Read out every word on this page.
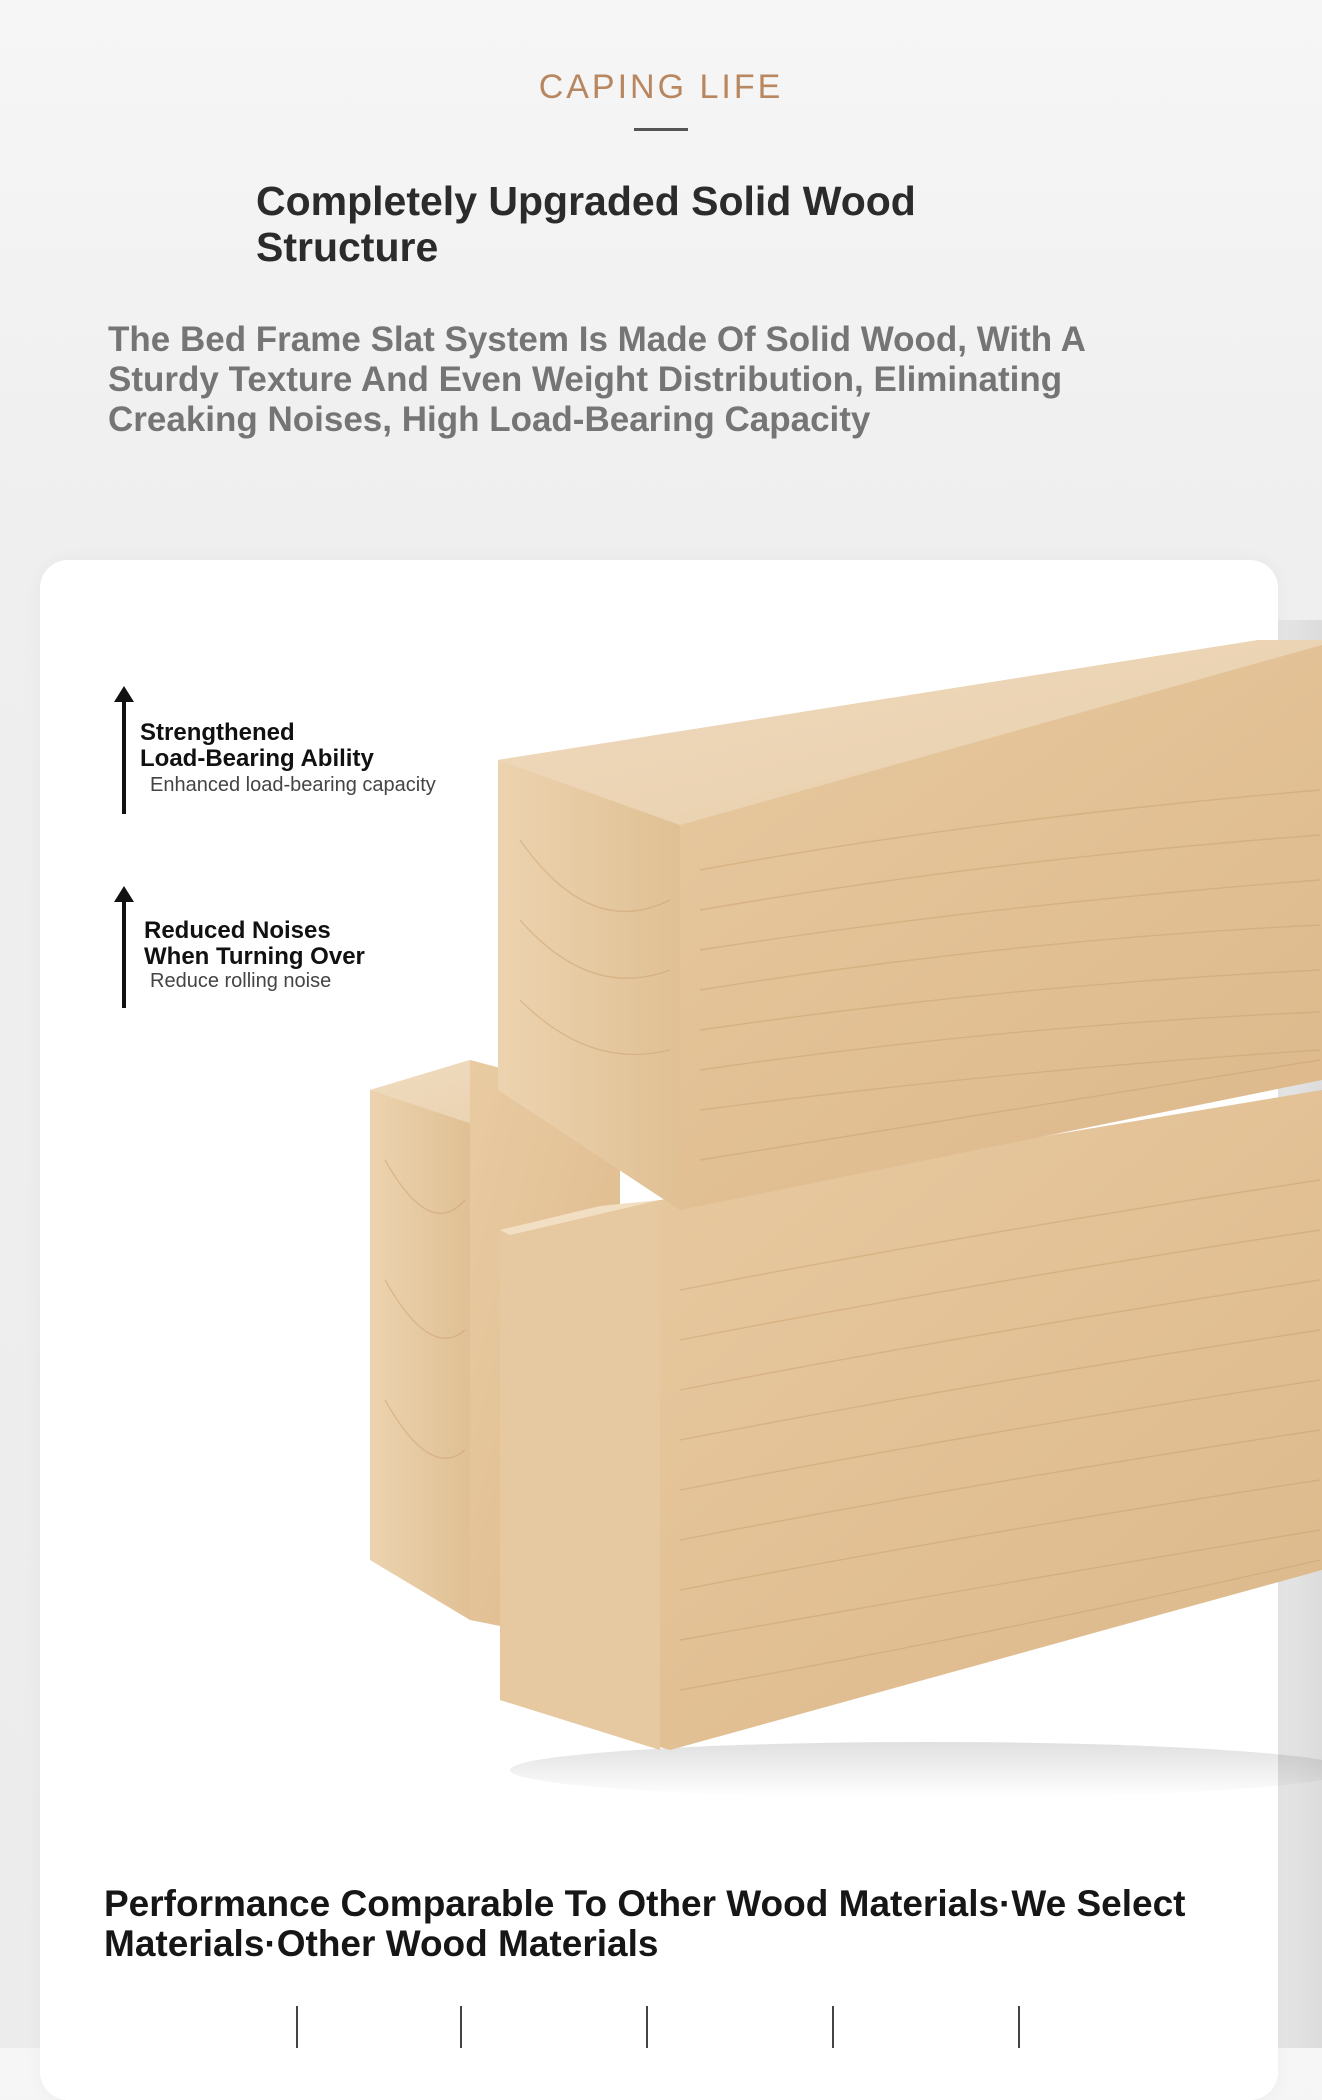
CAPING LIFE
Completely Upgraded Solid Wood Structure
The Bed Frame Slat System Is Made Of Solid Wood, With A Sturdy Texture And Even Weight Distribution, Eliminating Creaking Noises, High Load-Bearing Capacity
Strengthened
Load-Bearing Ability
Enhanced load-bearing capacity
Reduced Noises
When Turning Over
Reduce rolling noise
Performance Comparable To Other Wood Materials·We Select Materials·Other Wood Materials
